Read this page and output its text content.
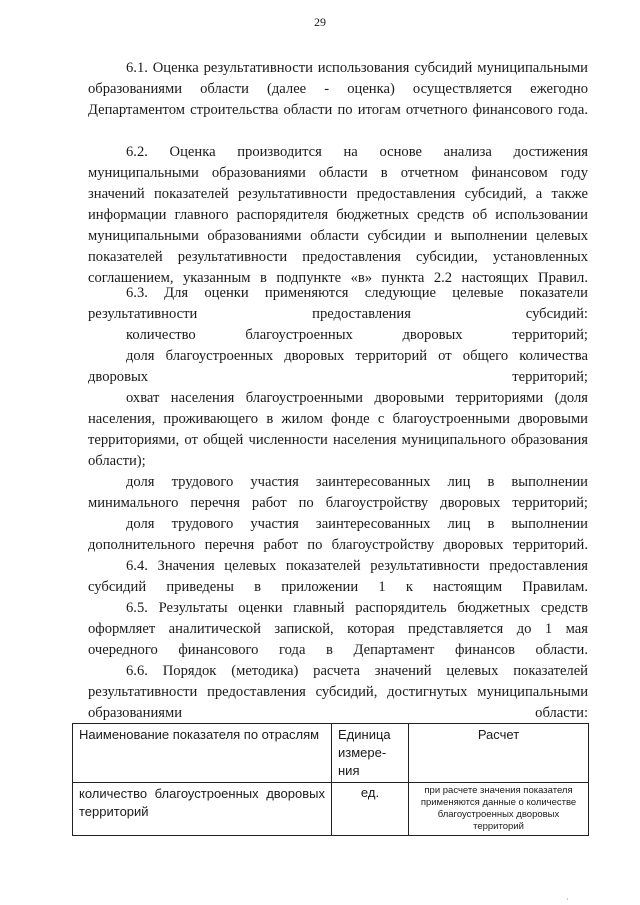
29

6.1. Оценка результативности использования субсидий муниципальными образованиями области (далее - оценка) осуществляется ежегодно Департаментом строительства области по итогам отчетного финансового года.

6.2. Оценка производится на основе анализа достижения муниципальными образованиями области в отчетном финансовом году значений показателей результативности предоставления субсидий, а также информации главного распорядителя бюджетных средств об использовании муниципальными образованиями области субсидии и выполнении целевых показателей результативности предоставления субсидии, установленных соглашением, указанным в подпункте «в» пункта 2.2 настоящих Правил.

6.3. Для оценки применяются следующие целевые показатели результативности предоставления субсидий:

количество благоустроенных дворовых территорий;

доля благоустроенных дворовых территорий от общего количества дворовых территорий;

охват населения благоустроенными дворовыми территориями (доля населения, проживающего в жилом фонде с благоустроенными дворовыми территориями, от общей численности населения муниципального образования области);

доля трудового участия заинтересованных лиц в выполнении минимального перечня работ по благоустройству дворовых территорий;

доля трудового участия заинтересованных лиц в выполнении дополнительного перечня работ по благоустройству дворовых территорий.

6.4. Значения целевых показателей результативности предоставления субсидий приведены в приложении 1 к настоящим Правилам.

6.5. Результаты оценки главный распорядитель бюджетных средств оформляет аналитической запиской, которая представляется до 1 мая очередного финансового года в Департамент финансов области.

6.6. Порядок (методика) расчета значений целевых показателей результативности предоставления субсидий, достигнутых муниципальными образованиями области:

Наименование показателя по отраслям	Единица измере-ния	Расчет
количество благоустроенных дворовых территорий	ед.	при расчете значения показателя применяются данные о количестве благоустроенных дворовых территорий
·
